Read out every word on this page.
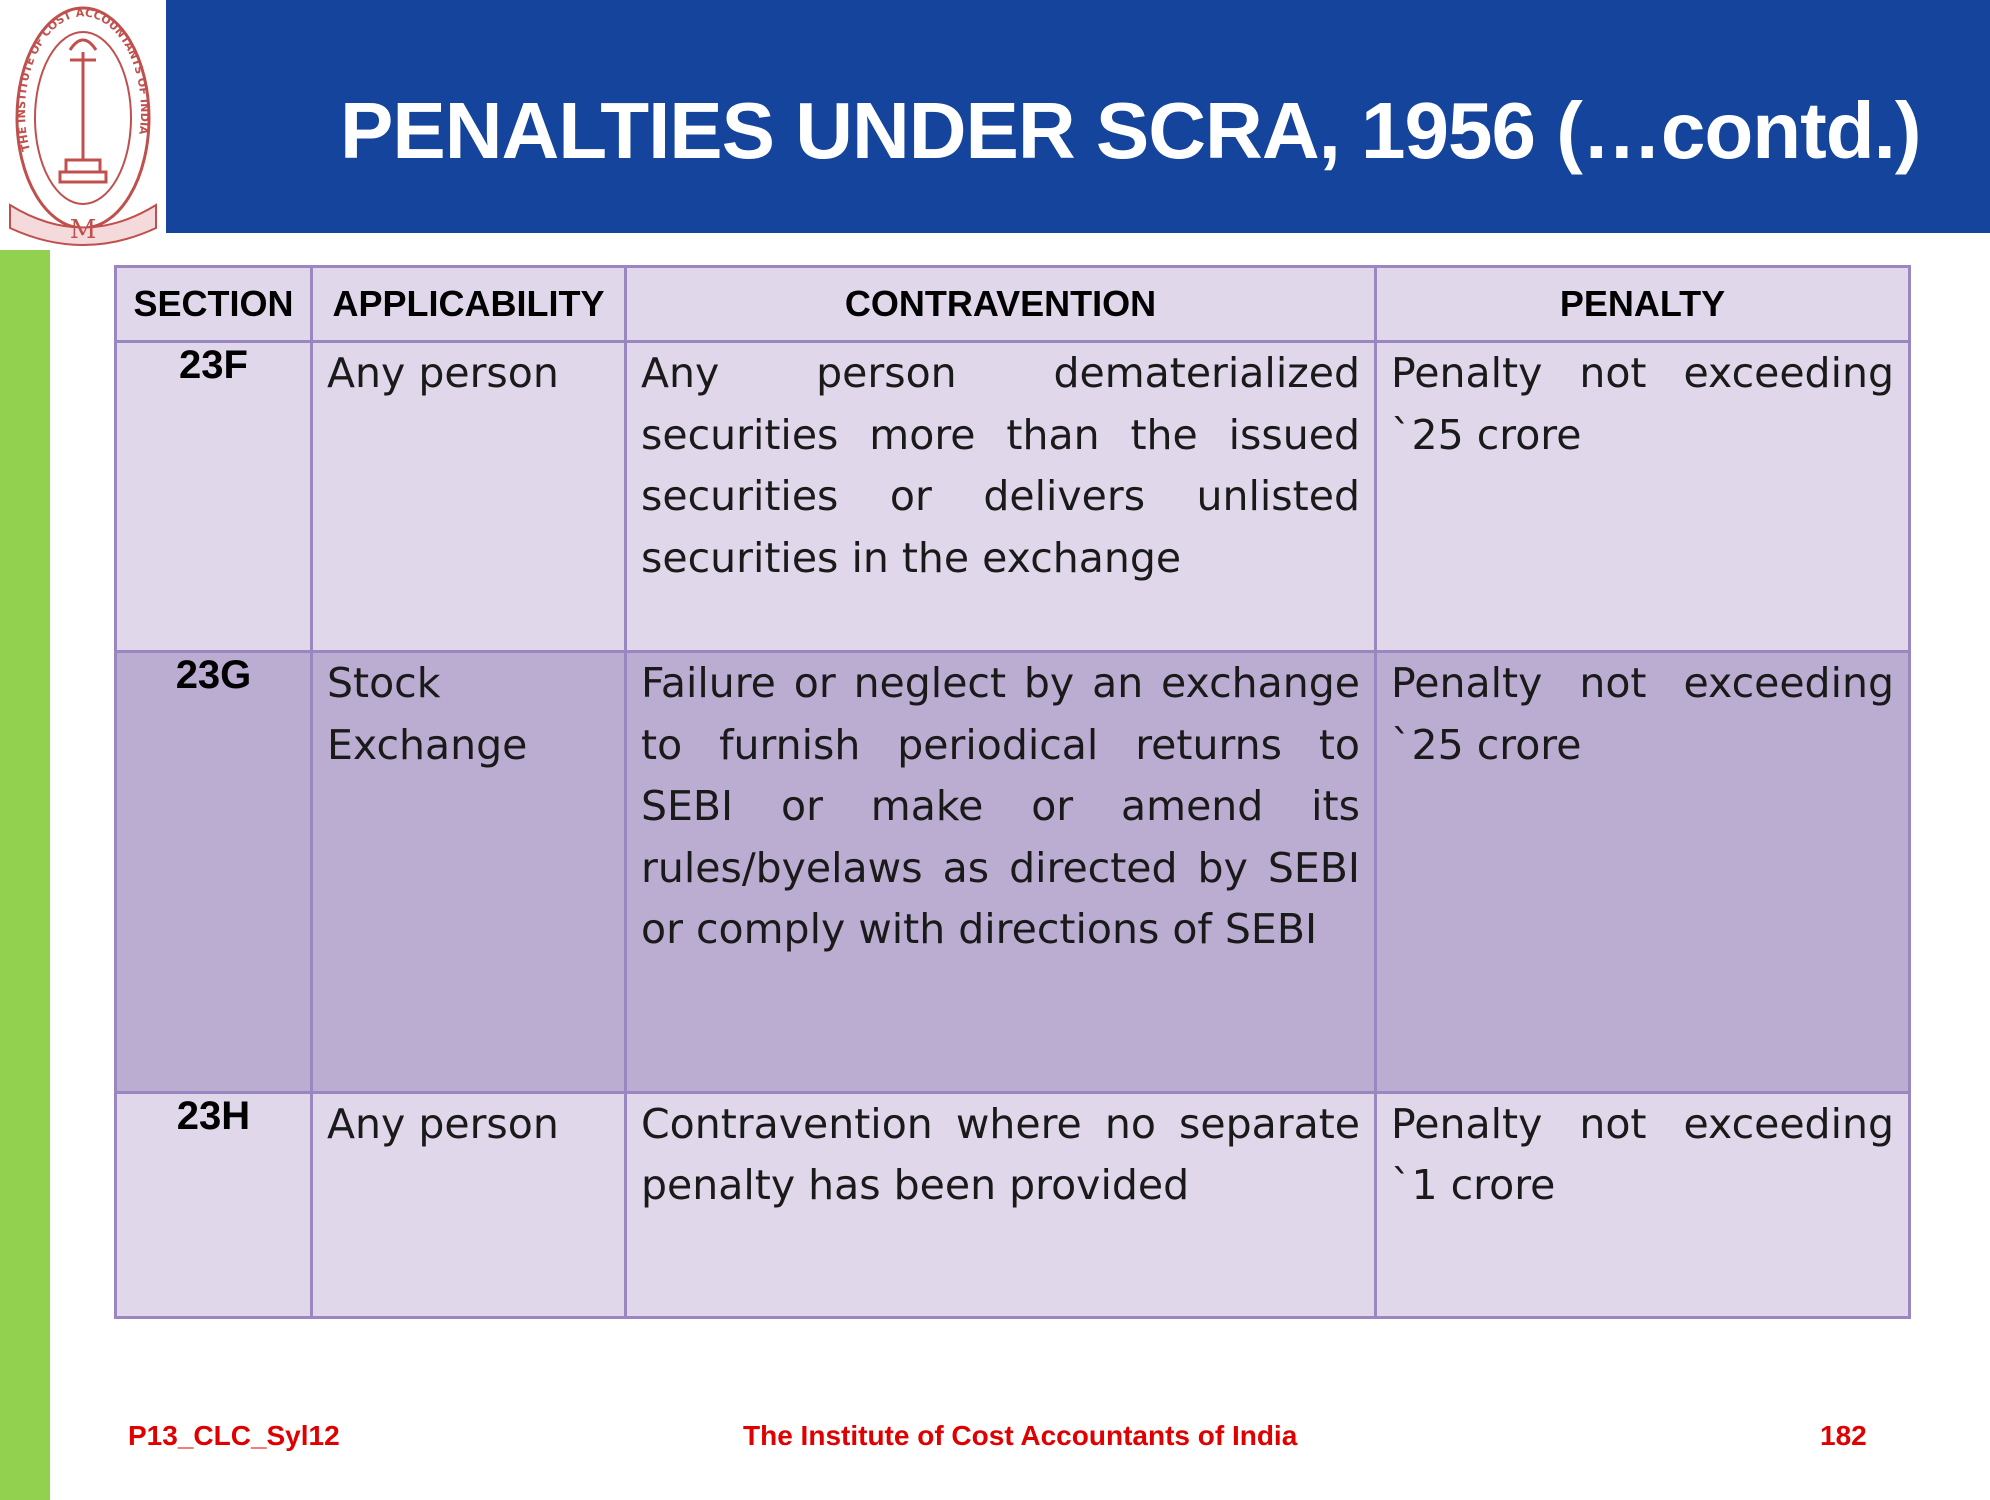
PENALTIES UNDER SCRA, 1956 (…contd.)
THE INSTITUTE OF COST ACCOUNTANTS OF INDIA
M
SECTION	APPLICABILITY	CONTRAVENTION	PENALTY
23F	Any person	Any person dematerialized securities more than the issued securities or delivers unlisted securities in the exchange	Penalty not exceeding `25 crore
23G	Stock Exchange	Failure or neglect by an exchange to furnish periodical returns to SEBI or make or amend its rules/byelaws as directed by SEBI or comply with directions of SEBI	Penalty not exceeding `25 crore
23H	Any person	Contravention where no separate penalty has been provided	Penalty not exceeding `1 crore
P13_CLC_Syl12	The Institute of Cost Accountants of India	182
